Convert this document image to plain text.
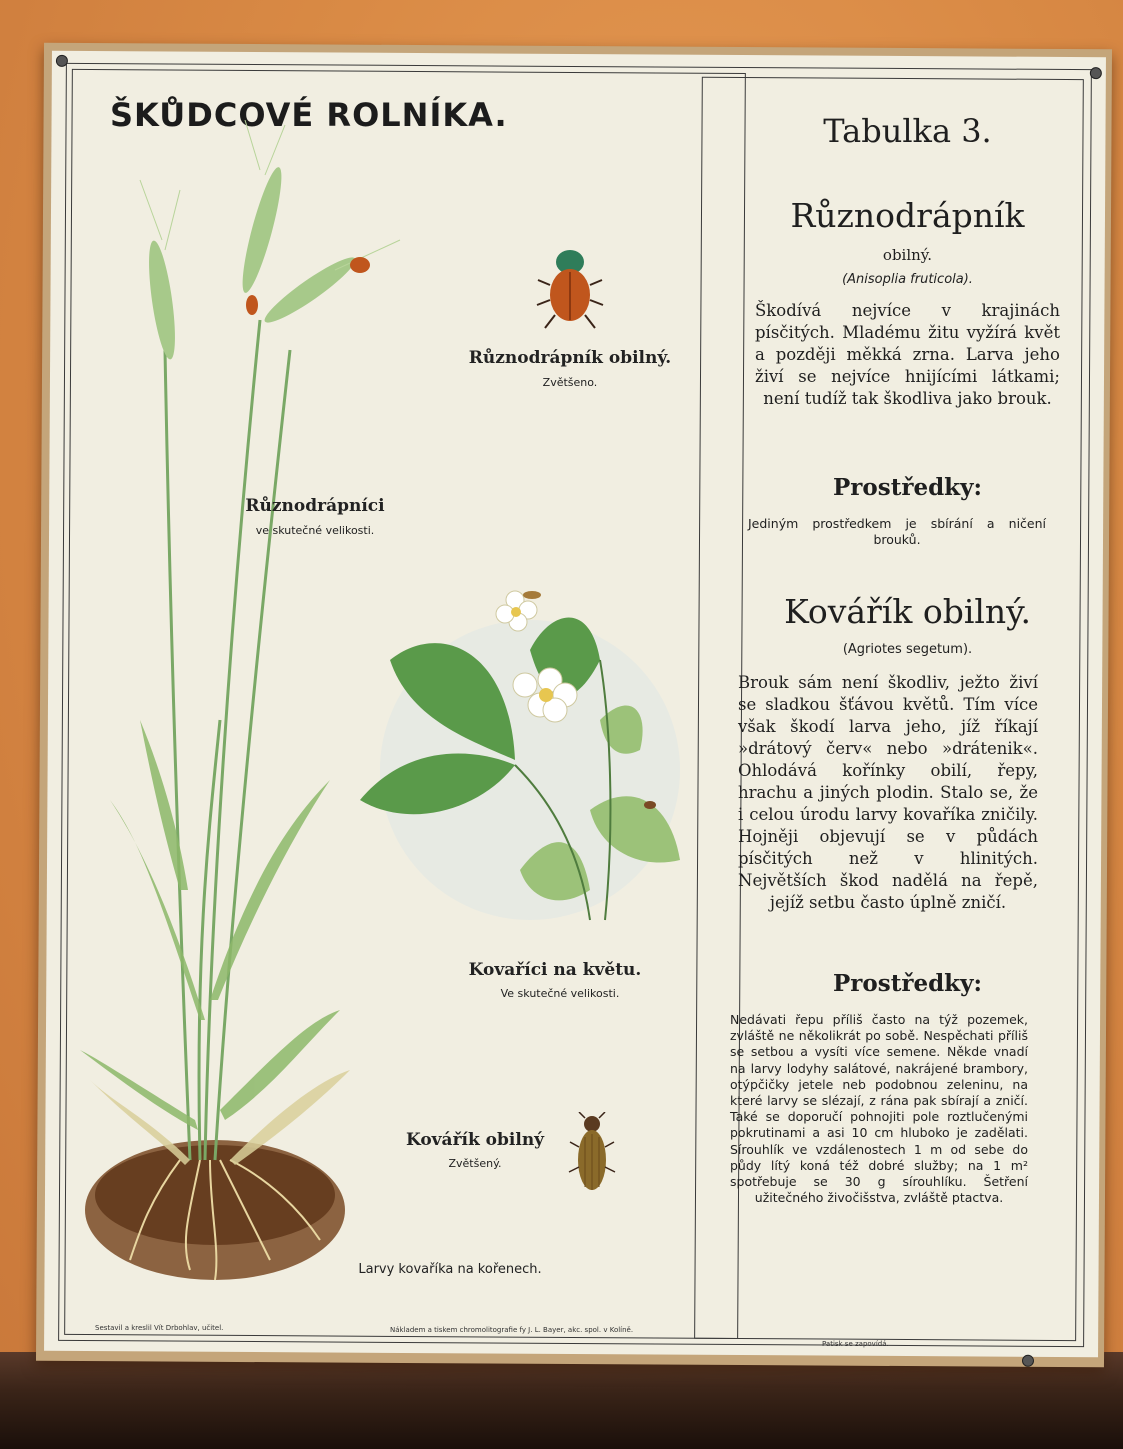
ŠKŮDCOVÉ ROLNÍKA.
Různodrápník obilný.
Zvětšeno.
Různodrápníci
ve skutečné velikosti.
Kovaříci na květu.
Ve skutečné velikosti.
Kovářík obilný
Zvětšený.
Larvy kovaříka na kořenech.
Tabulka 3.
Různodrápník
obilný.
(Anisoplia fruticola).
Škodívá nejvíce v krajinách písčitých. Mladému žitu vyžírá květ a později měkká zrna. Larva jeho živí se nejvíce hnijícími látkami; není tudíž tak škodliva jako brouk.
Prostředky:
Jediným prostředkem je sbírání a ničení brouků.
Kovářík obilný.
(Agriotes segetum).
Brouk sám není škodliv, ježto živí se sladkou šťávou květů. Tím více však škodí larva jeho, jíž říkají »drátový červ« nebo »drátenik«. Ohlodává kořínky obilí, řepy, hrachu a jiných plodin. Stalo se, že i celou úrodu larvy kovaříka zničily. Hojněji objevují se v půdách písčitých než v hlinitých. Největších škod nadělá na řepě, jejíž setbu často úplně zničí.
Prostředky:
Nedávati řepu příliš často na týž pozemek, zvláště ne několikrát po sobě. Nespěchati příliš se setbou a vysíti více semene. Někde vnadí na larvy lodyhy salátové, nakrájené brambory, otýpčičky jetele neb podobnou zeleninu, na které larvy se slézají, z rána pak sbírají a zničí. Také se doporučí pohnojiti pole roztlučenými pokrutinami a asi 10 cm hluboko je zadělati. Sírouhlík ve vzdálenostech 1 m od sebe do půdy lítý koná též dobré služby; na 1 m² spotřebuje se 30 g sírouhlíku. Šetření užitečného živočišstva, zvláště ptactva.
Sestavil a kreslil Vít Drbohlav, učitel.	Nákladem a tiskem chromolitografie fy J. L. Bayer, akc. spol. v Kolíně.
Patisk se zapovídá.
